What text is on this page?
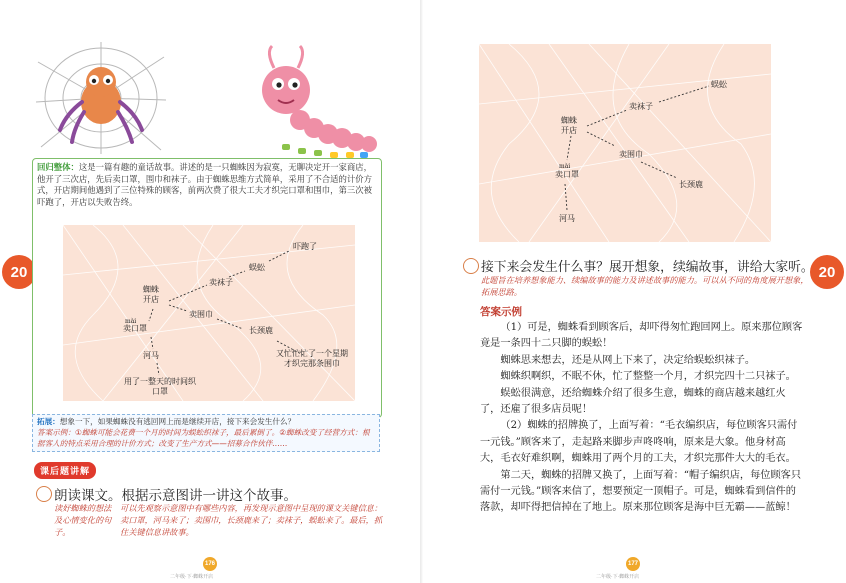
20
回归整体：这是一篇有趣的童话故事。讲述的是一只蜘蛛因为寂寞，无聊决定开一家商店，他开了三次店，先后卖口罩，围巾和袜子。由于蜘蛛思维方式简单，采用了不合适的计价方式，开店期间他遇到了三位特殊的顾客，前两次费了很大工夫才织完口罩和围巾，第三次被吓跑了，开店以失败告终。
蜘蛛
开店
卖袜子
蜈蚣
吓跑了
卖围巾
长颈鹿
mài
卖口罩
河马	又忙忙忙了一个星期才织完那条围巾
用了一整天的时间织口罩
拓展：想象一下，如果蜘蛛没有逃回网上而是继续开店，接下来会发生什么？
答案示例：①蜘蛛可能会花费一个月的时间为蜈蚣织袜子，最后累倒了。②蜘蛛改变了经营方式：根据客人的特点采用合理的计价方式；改变了生产方式——招募合作伙伴……
课后题讲解
朗读课文。根据示意图讲一讲这个故事。
读好蜘蛛的想法及心情变化的句子。
可以先观察示意图中有哪些内容，再发现示意图中呈现的课文关键信息：卖口罩，河马来了；卖围巾，长颈鹿来了；卖袜子，蜈蚣来了。最后，抓住关键信息讲故事。
176
二年级·下·蜘蛛开店
蜘蛛
开店
卖袜子
蜈蚣
卖围巾
长颈鹿
mài
卖口罩
河马
20
接下来会发生什么事？展开想象，续编故事，讲给大家听。
此题旨在培养想象能力、续编故事的能力及讲述故事的能力。可以从不同的角度展开想象，拓展思路。
答案示例

（1）可是，蜘蛛看到顾客后，却吓得匆忙跑回网上。原来那位顾客竟是一条四十二只脚的蜈蚣！

蜘蛛思来想去，还是从网上下来了，决定给蜈蚣织袜子。

蜘蛛织啊织，不眠不休，忙了整整一个月，才织完四十二只袜子。

蜈蚣很满意，还给蜘蛛介绍了很多生意，蜘蛛的商店越来越红火了，还雇了很多店员呢！

（2）蜘蛛的招牌换了，上面写着：“毛衣编织店，每位顾客只需付一元钱。”顾客来了，走起路来脚步声咚咚响，原来是大象。他身材高大，毛衣好难织啊，蜘蛛用了两个月的工夫，才织完那件大大的毛衣。

第二天，蜘蛛的招牌又换了，上面写着：“帽子编织店，每位顾客只需付一元钱。”顾客来信了，想要预定一顶帽子。可是，蜘蛛看到信件的落款，却吓得把信掉在了地上。原来那位顾客是海中巨无霸——蓝鲸！

177
二年级·下·蜘蛛开店
